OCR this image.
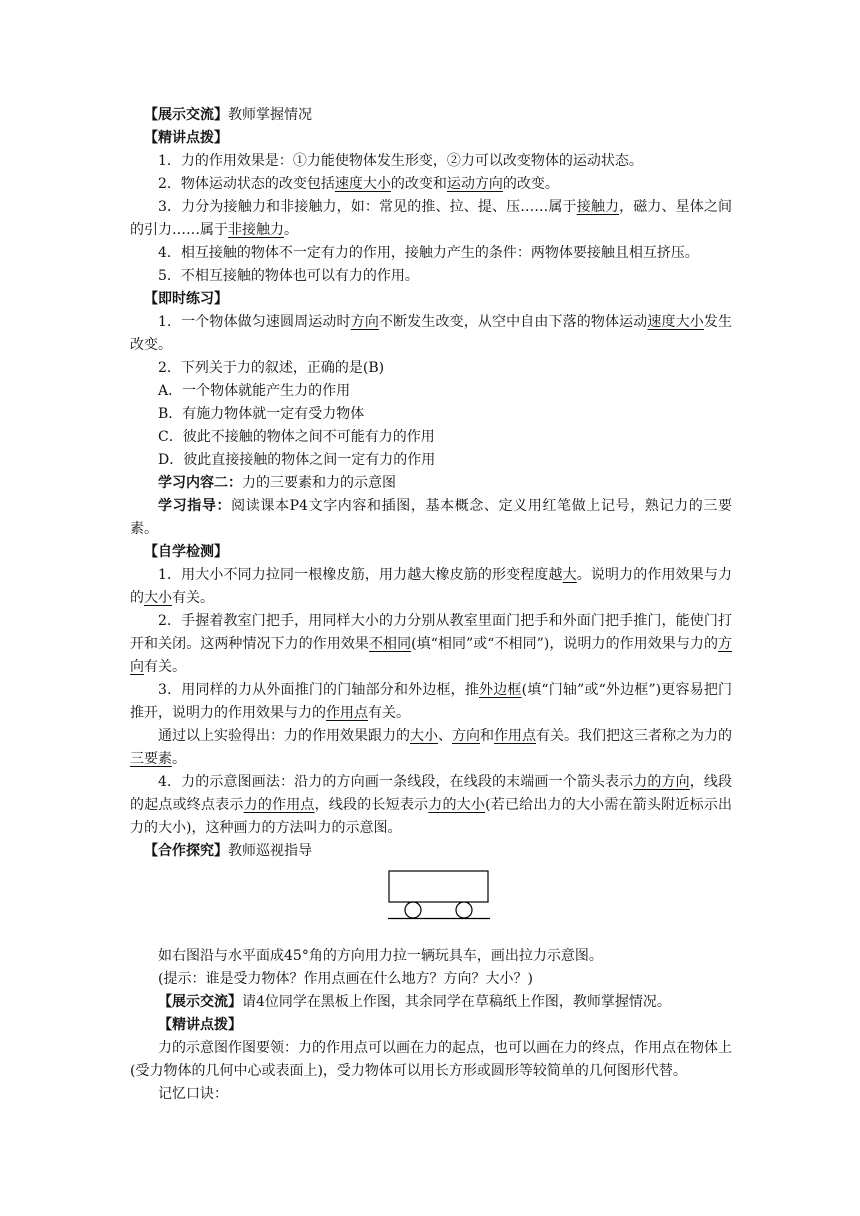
【展示交流】教师掌握情况

【精讲点拨】

1．力的作用效果是：①力能使物体发生形变，②力可以改变物体的运动状态。

2．物体运动状态的改变包括速度大小的改变和运动方向的改变。

3．力分为接触力和非接触力，如：常见的推、拉、提、压……属于接触力，磁力、星体之间的引力……属于非接触力。

4．相互接触的物体不一定有力的作用，接触力产生的条件：两物体要接触且相互挤压。

5．不相互接触的物体也可以有力的作用。

【即时练习】

1．一个物体做匀速圆周运动时方向不断发生改变，从空中自由下落的物体运动速度大小发生改变。

2．下列关于力的叙述，正确的是(B)

A．一个物体就能产生力的作用

B．有施力物体就一定有受力物体

C．彼此不接触的物体之间不可能有力的作用

D．彼此直接接触的物体之间一定有力的作用

学习内容二：力的三要素和力的示意图

学习指导：阅读课本P4文字内容和插图，基本概念、定义用红笔做上记号，熟记力的三要素。

【自学检测】

1．用大小不同力拉同一根橡皮筋，用力越大橡皮筋的形变程度越大。说明力的作用效果与力的大小有关。

2．手握着教室门把手，用同样大小的力分别从教室里面门把手和外面门把手推门，能使门打开和关闭。这两种情况下力的作用效果不相同(填“相同”或“不相同”)，说明力的作用效果与力的方向有关。

3．用同样的力从外面推门的门轴部分和外边框，推外边框(填“门轴”或“外边框”)更容易把门推开，说明力的作用效果与力的作用点有关。

通过以上实验得出：力的作用效果跟力的大小、方向和作用点有关。我们把这三者称之为力的三要素。

4．力的示意图画法：沿力的方向画一条线段，在线段的末端画一个箭头表示力的方向，线段的起点或终点表示力的作用点，线段的长短表示力的大小(若已给出力的大小需在箭头附近标示出力的大小)，这种画力的方法叫力的示意图。

【合作探究】教师巡视指导

如右图沿与水平面成45°角的方向用力拉一辆玩具车，画出拉力示意图。

(提示：谁是受力物体？作用点画在什么地方？方向？大小？)

【展示交流】请4位同学在黑板上作图，其余同学在草稿纸上作图，教师掌握情况。

【精讲点拨】

力的示意图作图要领：力的作用点可以画在力的起点，也可以画在力的终点，作用点在物体上(受力物体的几何中心或表面上)，受力物体可以用长方形或圆形等较简单的几何图形代替。

记忆口诀：
